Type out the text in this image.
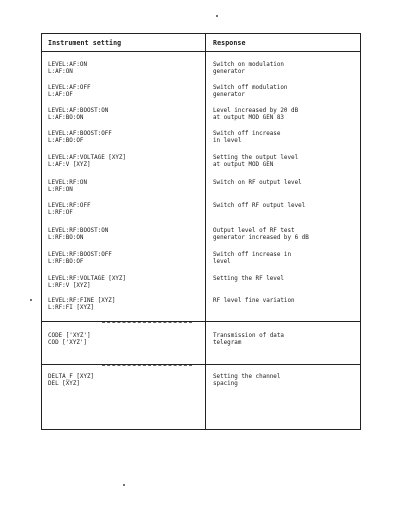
Instrument setting	Response
LEVEL:AF:ON
L:AF:ON
Switch on modulation
generator
LEVEL:AF:OFF
L:AF:OF
Switch off modulation
generator
LEVEL:AF:BOOST:ON
L:AF:BO:ON
Level increased by 20 dB
at output MOD GEN 83
LEVEL:AF:BOOST:OFF
L:AF:BO:OF
Switch off increase
in level
LEVEL:AF:VOLTAGE [XYZ]
L:AF:V [XYZ]
Setting the output level
at output MOD GEN
LEVEL:RF:ON
L:RF:ON
Switch on RF output level
LEVEL:RF:OFF
L:RF:OF
Switch off RF output level
LEVEL:RF:BOOST:ON
L:RF:BO:ON
Output level of RF test
generator increased by 6 dB
LEVEL:RF:BOOST:OFF
L:RF:BO:OF
Switch off increase in
level
LEVEL:RF:VOLTAGE [XYZ]
L:RF:V [XYZ]
Setting the RF level
LEVEL:RF:FINE [XYZ]
L:RF:FI [XYZ]
RF level fine variation
CODE ['XYZ']
COD ['XYZ']
Transmission of data
telegram
DELTA_F [XYZ]
DEL [XYZ]
Setting the channel
spacing
